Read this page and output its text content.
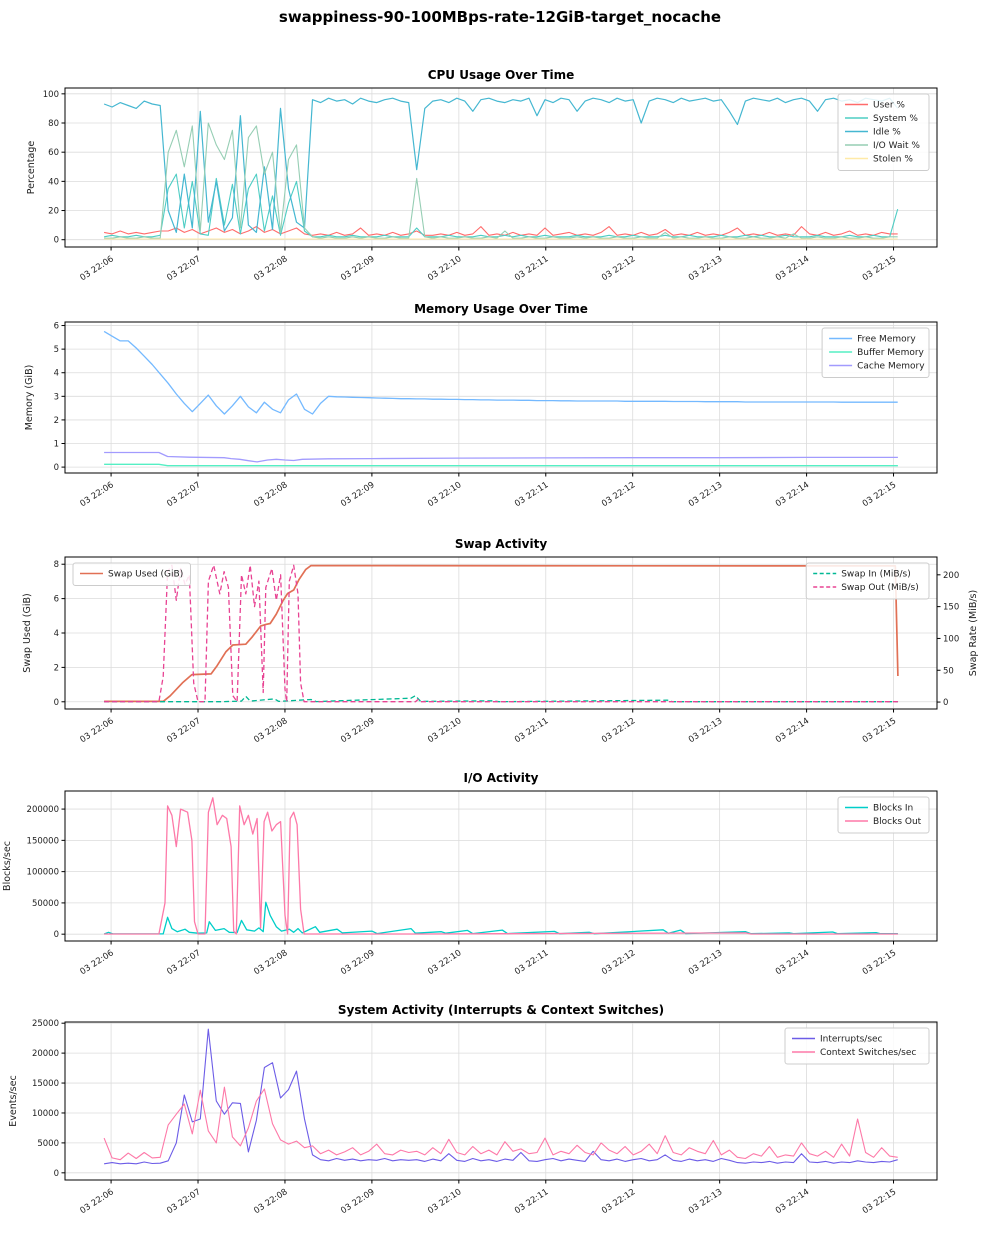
swappiness-90-100MBps-rate-12GiB-target_nocache
CPU Usage Over Time
Memory Usage Over Time
Swap Activity
I/O Activity
System Activity (Interrupts & Context Switches)
0
20
40
60
80
100
03 22:06	03 22:07	03 22:08	03 22:09	03 22:10	03 22:11	03 22:12	03 22:13	03 22:14	03 22:15
Percentage
User %
System %
Idle %
I/O Wait %
Stolen %
0
1
2
3
4
5
6
03 22:06	03 22:07	03 22:08	03 22:09	03 22:10	03 22:11	03 22:12	03 22:13	03 22:14	03 22:15
Memory (GiB)
Free Memory
Buffer Memory
Cache Memory
0
2
4
6
8
03 22:06	03 22:07	03 22:08	03 22:09	03 22:10	03 22:11	03 22:12	03 22:13	03 22:14	03 22:15
0
50
100
150
200
Swap Rate (MiB/s)
Swap Used (GiB)
Swap Used (GiB)	Swap In (MiB/s)
Swap Out (MiB/s)
0
50000
100000
150000
200000
03 22:06	03 22:07	03 22:08	03 22:09	03 22:10	03 22:11	03 22:12	03 22:13	03 22:14	03 22:15
Blocks/sec
Blocks In
Blocks Out
0
5000
10000
15000
20000
25000
03 22:06	03 22:07	03 22:08	03 22:09	03 22:10	03 22:11	03 22:12	03 22:13	03 22:14	03 22:15
Events/sec
Interrupts/sec
Context Switches/sec
